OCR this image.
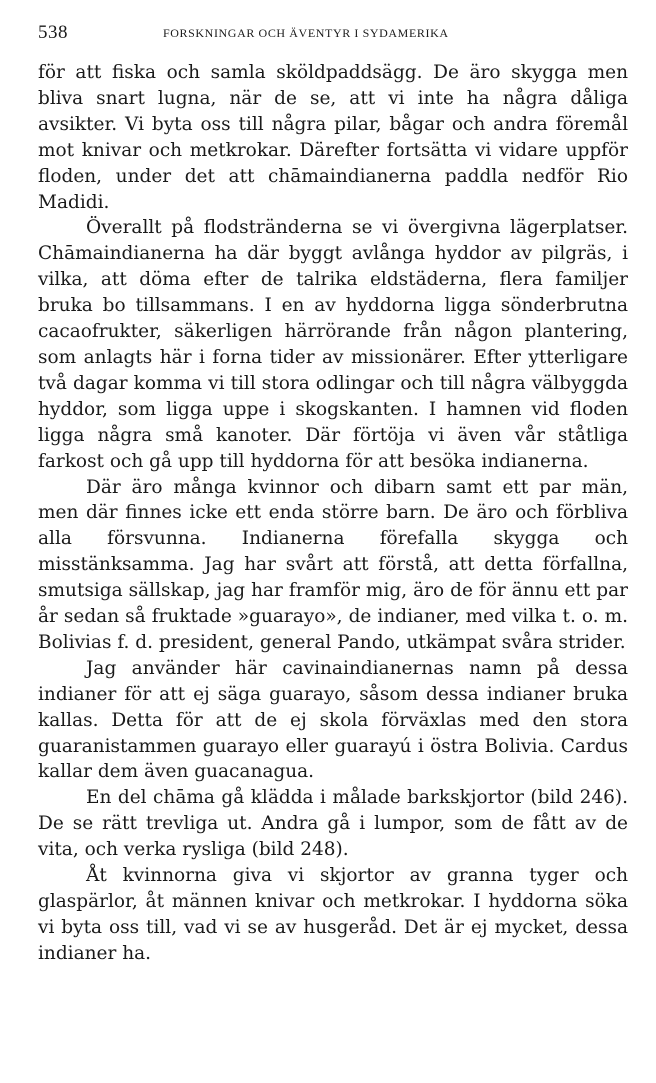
538	FORSKNINGAR OCH ÄVENTYR I SYDAMERIKA

för att fiska och samla sköldpaddsägg. De äro skygga men bliva snart lugna, när de se, att vi inte ha några dåliga avsikter. Vi byta oss till några pilar, bågar och andra föremål mot knivar och metkrokar. Därefter fortsätta vi vidare uppför floden, under det att chāmaindianerna paddla nedför Rio Madidi.

Överallt på flodstränderna se vi övergivna lägerplatser. Chāmaindianerna ha där byggt avlånga hyddor av pilgräs, i vilka, att döma efter de talrika eldstäderna, flera familjer bruka bo tillsammans. I en av hyddorna ligga sönderbrutna cacaofrukter, säkerligen härrörande från någon plantering, som anlagts här i forna tider av missionärer. Efter ytterligare två dagar komma vi till stora odlingar och till några välbyggda hyddor, som ligga uppe i skogskanten. I hamnen vid floden ligga några små kanoter. Där förtöja vi även vår ståtliga farkost och gå upp till hyddorna för att besöka indianerna.

Där äro många kvinnor och dibarn samt ett par män, men där finnes icke ett enda större barn. De äro och förbliva alla försvunna. Indianerna förefalla skygga och misstänksamma. Jag har svårt att förstå, att detta förfallna, smutsiga sällskap, jag har framför mig, äro de för ännu ett par år sedan så fruktade »guarayo», de indianer, med vilka t. o. m. Bolivias f. d. president, general Pando, utkämpat svåra strider.

Jag använder här cavinaindianernas namn på dessa indianer för att ej säga guarayo, såsom dessa indianer bruka kallas. Detta för att de ej skola förväxlas med den stora guaranistammen guarayo eller guarayú i östra Bolivia. Cardus kallar dem även guacanagua.

En del chāma gå klädda i målade barkskjortor (bild 246). De se rätt trevliga ut. Andra gå i lumpor, som de fått av de vita, och verka rysliga (bild 248).

Åt kvinnorna giva vi skjortor av granna tyger och glaspärlor, åt männen knivar och metkrokar. I hyddorna söka vi byta oss till, vad vi se av husgeråd. Det är ej mycket, dessa indianer ha.
